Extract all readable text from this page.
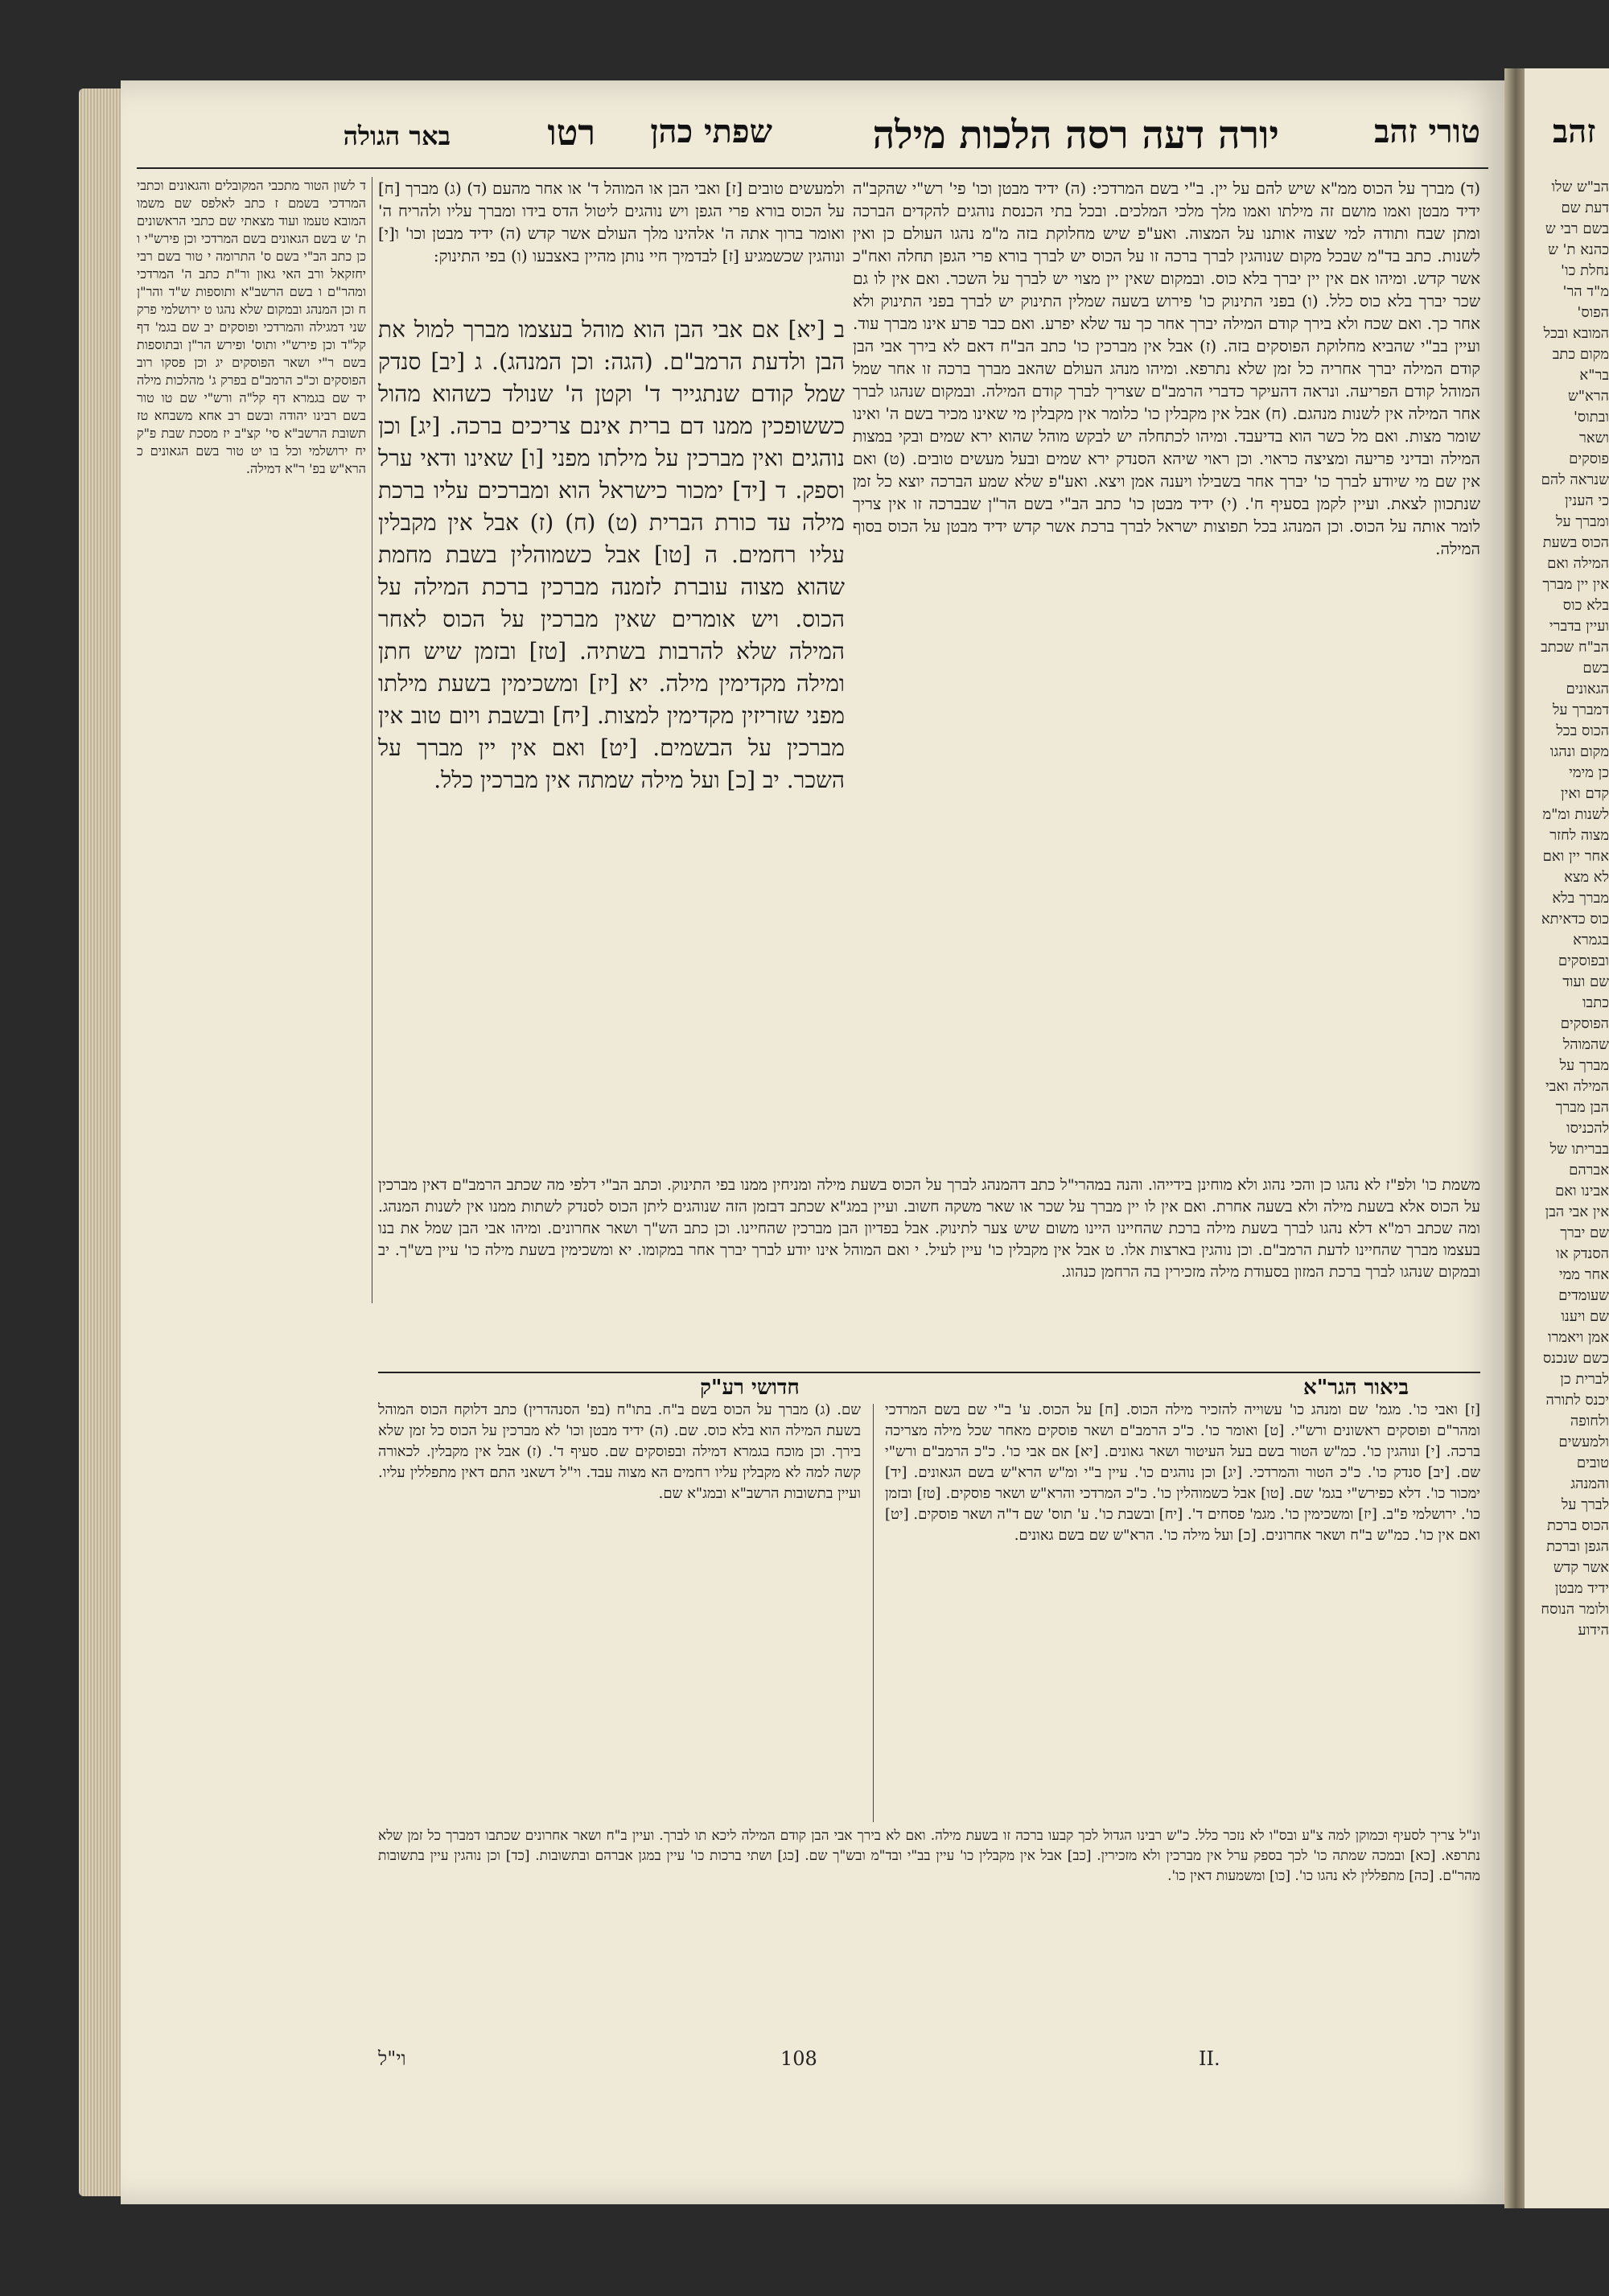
טורי זהב
יורה דעה רסה הלכות מילה
שפתי כהן
רטו
באר הגולה

(ד) מברך על הכוס ממ"א שיש להם על יין. ב"י בשם המרדכי: (ה) ידיד מבטן וכו' פי' רש"י שהקב"ה ידיד מבטן ואמו מושם זה מילתו ואמו מלך מלכי המלכים. ובכל בתי הכנסת נוהגים להקדים הברכה ומתן שבח ותודה למי שצוה אותנו על המצוה. ואע"פ שיש מחלוקת בזה מ"מ נהגו העולם כן ואין לשנות. כתב בד"מ שבכל מקום שנוהגין לברך ברכה זו על הכוס יש לברך בורא פרי הגפן תחלה ואח"כ אשר קדש. ומיהו אם אין יין יברך בלא כוס. ובמקום שאין יין מצוי יש לברך על השכר. ואם אין לו גם שכר יברך בלא כוס כלל. (ו) בפני התינוק כו' פירוש בשעה שמלין התינוק יש לברך בפני התינוק ולא אחר כך. ואם שכח ולא בירך קודם המילה יברך אחר כך עד שלא יפרע. ואם כבר פרע אינו מברך עוד. ועיין בב"י שהביא מחלוקת הפוסקים בזה. (ז) אבל אין מברכין כו' כתב הב"ח דאם לא בירך אבי הבן קודם המילה יברך אחריה כל זמן שלא נתרפא. ומיהו מנהג העולם שהאב מברך ברכה זו אחר שמל המוהל קודם הפריעה. ונראה דהעיקר כדברי הרמב"ם שצריך לברך קודם המילה. ובמקום שנהגו לברך אחר המילה אין לשנות מנהגם. (ח) אבל אין מקבלין כו' כלומר אין מקבלין מי שאינו מכיר בשם ה' ואינו שומר מצות. ואם מל כשר הוא בדיעבד. ומיהו לכתחלה יש לבקש מוהל שהוא ירא שמים ובקי במצות המילה ובדיני פריעה ומציצה כראוי. וכן ראוי שיהא הסנדק ירא שמים ובעל מעשים טובים. (ט) ואם אין שם מי שיודע לברך כו' יברך אחר בשבילו ויענה אמן ויצא. ואע"פ שלא שמע הברכה יוצא כל זמן שנתכוון לצאת. ועיין לקמן בסעיף ח'. (י) ידיד מבטן כו' כתב הב"י בשם הר"ן שבברכה זו אין צריך לומר אותה על הכוס. וכן המנהג בכל תפוצות ישראל לברך ברכת אשר קדש ידיד מבטן על הכוס בסוף המילה.

ולמעשים טובים [ז] ואבי הבן או המוהל ד' או אחר מהעם (ד) (ג) מברך [ח] על הכוס בורא פרי הגפן ויש נוהגים ליטול הדס בידו ומברך עליו ולהריח ה' ואומר ברוך אתה ה' אלהינו מלך העולם אשר קדש (ה) ידיד מבטן וכו' ו[י] ונוהגין שכשמגיע [ז] לבדמיך חיי נותן מהיין באצבעו (ו) בפי התינוק:

ב [יא] אם אבי הבן הוא מוהל בעצמו מברך למול את הבן ולדעת הרמב"ם. (הגה: וכן המנהג). ג [יב] סנדק שמל קודם שנתגייר ד' וקטן ה' שנולד כשהוא מהול כששופכין ממנו דם ברית אינם צריכים ברכה. [יג] וכן נוהגים ואין מברכין על מילתו מפני [ו] שאינו ודאי ערל וספק. ד [יד] ימכור כישראל הוא ומברכים עליו ברכת מילה עד כורת הברית (ט) (ח) (ז) אבל אין מקבלין עליו רחמים. ה [טו] אבל כשמוהלין בשבת מחמת שהוא מצוה עוברת לזמנה מברכין ברכת המילה על הכוס. ויש אומרים שאין מברכין על הכוס לאחר המילה שלא להרבות בשתיה. [טז] ובזמן שיש חתן ומילה מקדימין מילה. יא [יז] ומשכימין בשעת מילתו מפני שזריזין מקדימין למצות. [יח] ובשבת ויום טוב אין מברכין על הבשמים. [יט] ואם אין יין מברך על השכר. יב [כ] ועל מילה שמתה אין מברכין כלל.

ד לשון הטור מתכבי המקובלים והגאונים וכתבי המרדכי בשמם ז כתב לאלפס שם משמו המובא טעמו ועוד מצאתי שם כתבי הראשונים ת' ש בשם הגאונים בשם המרדכי וכן פירש"י ו כן כתב הב"י בשם ס' התרומה י טור בשם רבי יחזקאל ורב האי גאון ור"ת כתב ה' המרדכי ומהר"ם ו בשם הרשב"א ותוספות ש"ד והר"ן ח וכן המנהג ובמקום שלא נהגו ט ירושלמי פרק שני דמגילה והמרדכי ופוסקים יב שם בגמ' דף קל"ד וכן פירש"י ותוס' ופירש הר"ן ובתוספות בשם ר"י ושאר הפוסקים יג וכן פסקו רוב הפוסקים וכ"כ הרמב"ם בפרק ג' מהלכות מילה יד שם בגמרא דף קל"ה ורש"י שם טו טור בשם רבינו יהודה ובשם רב אחא משבחא טז תשובת הרשב"א סי' קצ"ב יז מסכת שבת פ"ק יח ירושלמי וכל בו יט טור בשם הגאונים כ הרא"ש בפ' ר"א דמילה.

משמת כו' ולפ"ז לא נהגו כן והכי נהוג ולא מוחינן בידייהו. והנה במהרי"ל כתב דהמנהג לברך על הכוס בשעת מילה ומניחין ממנו בפי התינוק. וכתב הב"י דלפי מה שכתב הרמב"ם דאין מברכין על הכוס אלא בשעת מילה ולא בשעה אחרת. ואם אין לו יין מברך על שכר או שאר משקה חשוב. ועיין במג"א שכתב דבזמן הזה שנוהגים ליתן הכוס לסנדק לשתות ממנו אין לשנות המנהג. ומה שכתב רמ"א דלא נהגו לברך בשעת מילה ברכת שהחיינו היינו משום שיש צער לתינוק. אבל בפדיון הבן מברכין שהחיינו. וכן כתב הש"ך ושאר אחרונים. ומיהו אבי הבן שמל את בנו בעצמו מברך שהחיינו לדעת הרמב"ם. וכן נוהגין בארצות אלו. ט אבל אין מקבלין כו' עיין לעיל. י ואם המוהל אינו יודע לברך יברך אחר במקומו. יא ומשכימין בשעת מילה כו' עיין בש"ך. יב ובמקום שנהגו לברך ברכת המזון בסעודת מילה מזכירין בה הרחמן כנהוג.

ביאור הגר"א
חדושי רע"ק

[ז] ואבי כו'. מגמ' שם ומנהג כו' עשוייה להזכיר מילה הכוס. [ח] על הכוס. ע' ב"י שם בשם המרדכי ומהר"ם ופוסקים ראשונים ורש"י. [ט] ואומר כו'. כ"כ הרמב"ם ושאר פוסקים מאחר שכל מילה מצריכה ברכה. [י] ונוהגין כו'. כמ"ש הטור בשם בעל העיטור ושאר גאונים. [יא] אם אבי כו'. כ"כ הרמב"ם ורש"י שם. [יב] סנדק כו'. כ"כ הטור והמרדכי. [יג] וכן נוהגים כו'. עיין ב"י ומ"ש הרא"ש בשם הגאונים. [יד] ימכור כו'. דלא כפירש"י בגמ' שם. [טו] אבל כשמוהלין כו'. כ"כ המרדכי והרא"ש ושאר פוסקים. [טז] ובזמן כו'. ירושלמי פ"ב. [יז] ומשכימין כו'. מגמ' פסחים ד'. [יח] ובשבת כו'. ע' תוס' שם ד"ה ושאר פוסקים. [יט] ואם אין כו'. כמ"ש ב"ח ושאר אחרונים. [כ] ועל מילה כו'. הרא"ש שם בשם גאונים.

שם. (ג) מברך על הכוס בשם ב"ח. בתו"ח (בפ' הסנהדרין) כתב דלוקח הכוס המוהל בשעת המילה הוא בלא כוס. שם. (ה) ידיד מבטן וכו' לא מברכין על הכוס כל זמן שלא בירך. וכן מוכח בגמרא דמילה ובפוסקים שם. סעיף ד'. (ז) אבל אין מקבלין. לכאורה קשה למה לא מקבלין עליו רחמים הא מצוה עבד. וי"ל דשאני התם דאין מתפללין עליו. ועיין בתשובות הרשב"א ובמג"א שם.

ונ"ל צריך לסעיף וכמוקן למה צ"ע ובס"ו לא נזכר כלל. כ"ש רבינו הגדול לכך קבעו ברכה זו בשעת מילה. ואם לא בירך אבי הבן קודם המילה ליכא תו לברך. ועיין ב"ח ושאר אחרונים שכתבו דמברך כל זמן שלא נתרפא. [כא] ובמכה שמתה כו' לכך בספק ערל אין מברכין ולא מזכירין. [כב] אבל אין מקבלין כו' עיין בב"י ובד"מ ובש"ך שם. [כג] ושתי ברכות כו' עיין במגן אברהם ובתשובות. [כד] וכן נוהגין עיין בתשובות מהר"ם. [כה] מתפללין לא נהגו כו'. [כו] ומשמעות דאין כו'.

108	II.
וי"ל
זהב
הב"ש שלו דעת שם בשם רבי ש כהנא ת' ש נחלת כו' מ"ד הר' הפוס' המובא ובכל מקום כתב בר"א הרא"ש ובתוס' ושאר פוסקים שנראה להם כי הענין ומברך על הכוס בשעת המילה ואם אין יין מברך בלא כוס ועיין בדברי הב"ח שכתב בשם הגאונים דמברך על הכוס בכל מקום ונהגו כן מימי קדם ואין לשנות ומ"מ מצוה לחזר אחר יין ואם לא מצא מברך בלא כוס כדאיתא בגמרא ובפוסקים שם ועוד כתבו הפוסקים שהמוהל מברך על המילה ואבי הבן מברך להכניסו בבריתו של אברהם אבינו ואם אין אבי הבן שם יברך הסנדק או אחר ממי שעומדים שם ויענו אמן ויאמרו כשם שנכנס לברית כן יכנס לתורה ולחופה ולמעשים טובים והמנהג לברך על הכוס ברכת הגפן וברכת אשר קדש ידיד מבטן ולומר הנוסח הידוע
